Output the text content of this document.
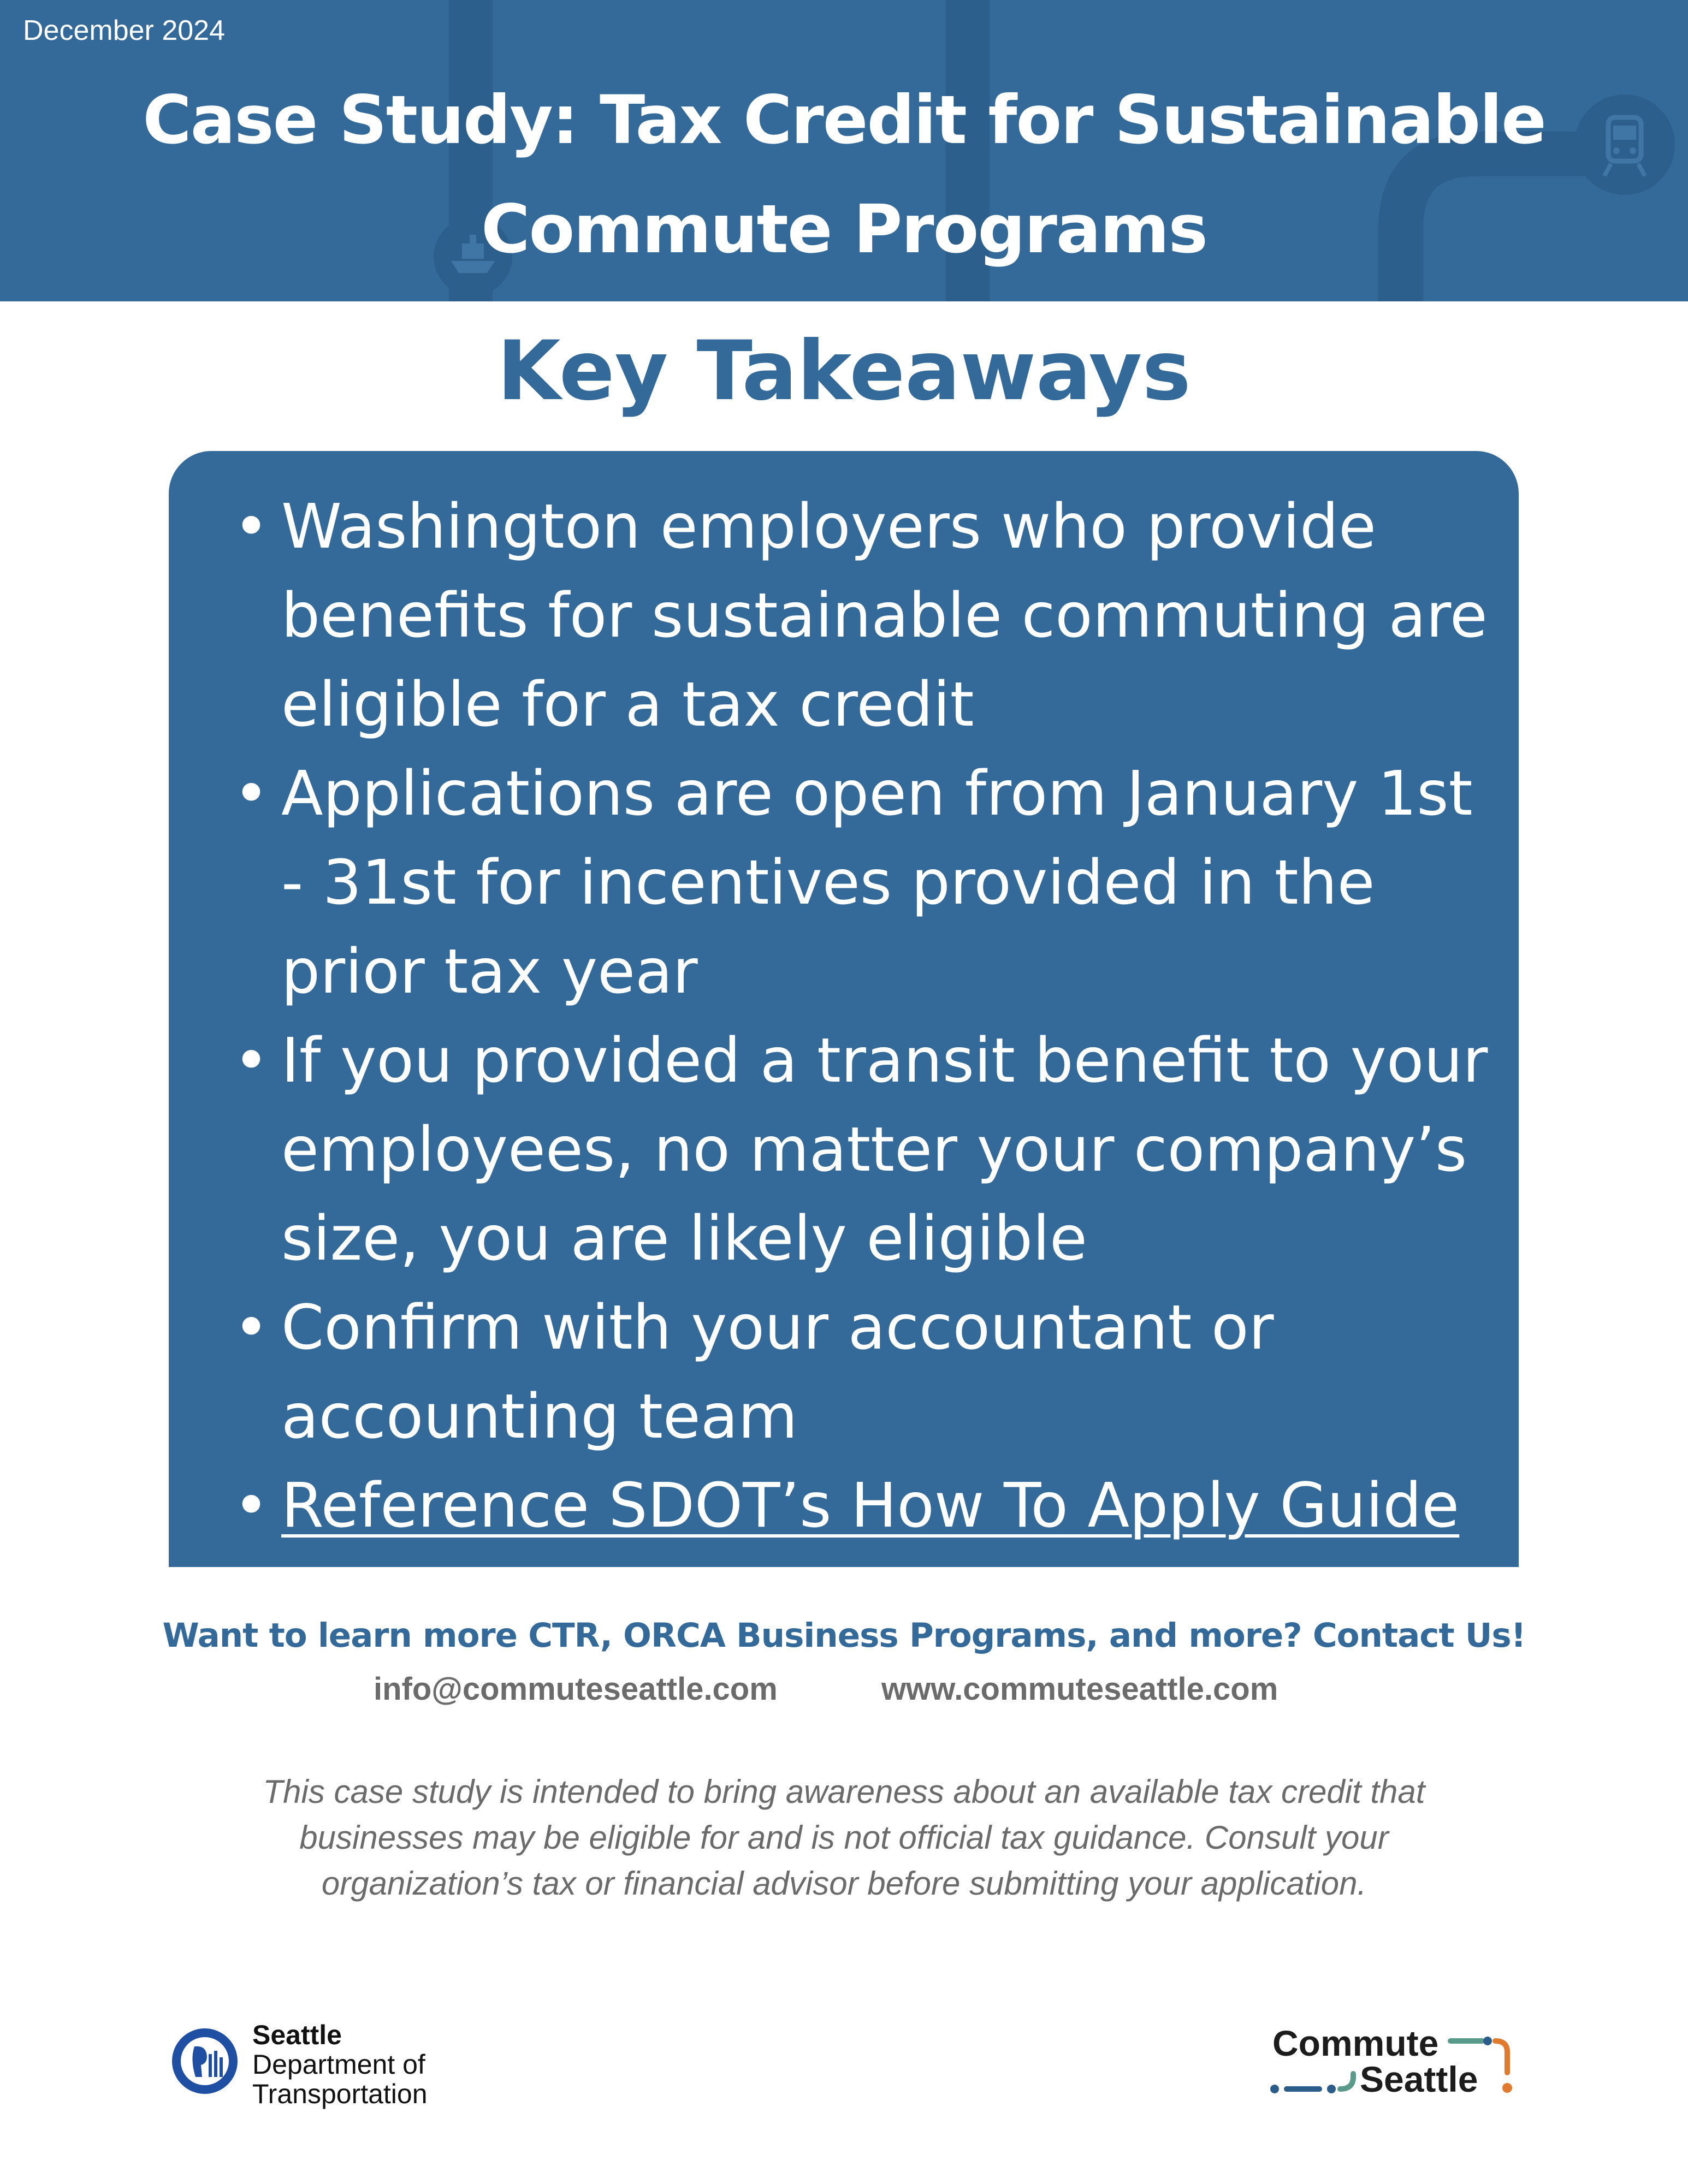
December 2024
Case Study: Tax Credit for Sustainable
Commute Programs
Key Takeaways
• Washington employers who provide
benefits for sustainable commuting are
eligible for a tax credit
• Applications are open from January 1st
- 31st for incentives provided in the
prior tax year
• If you provided a transit benefit to your
employees, no matter your company’s
size, you are likely eligible
• Confirm with your accountant or
accounting team
• Reference SDOT’s How To Apply Guide
Want to learn more CTR, ORCA Business Programs, and more? Contact Us!
info@commuteseattle.com	www.commuteseattle.com
This case study is intended to bring awareness about an available tax credit that
businesses may be eligible for and is not official tax guidance. Consult your
organization’s tax or financial advisor before submitting your application.
Seattle
Department of
Transportation
Commute
Seattle
